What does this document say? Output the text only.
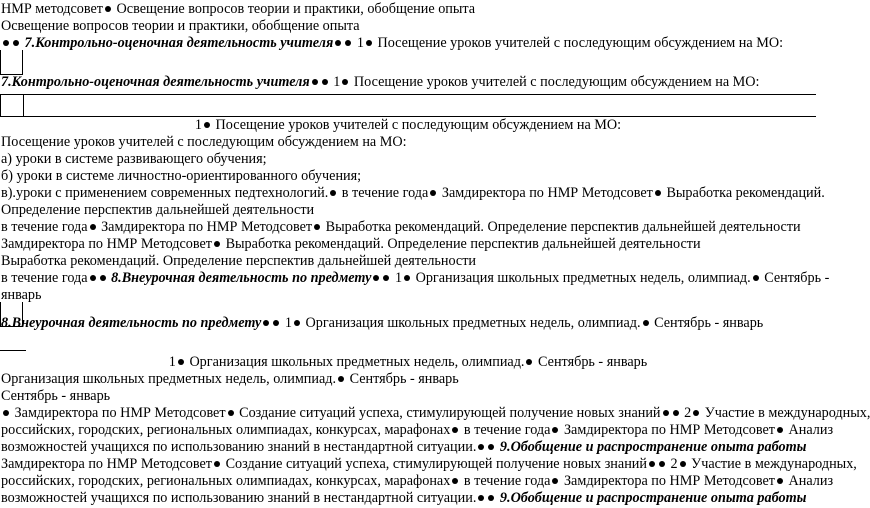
НМР методсовет Освещение вопросов теории и практики, обобщение опыта
Освещение вопросов теории и практики, обобщение опыта
7.Контрольно-оценочная деятельность учителя 1 Посещение уроков учителей с последующим обсуждением на МО:
7.Контрольно-оценочная деятельность учителя 1 Посещение уроков учителей с последующим обсуждением на МО:
1 Посещение уроков учителей с последующим обсуждением на МО:
Посещение уроков учителей с последующим обсуждением на МО:
а) уроки в системе развивающего обучения;
б) уроки в системе личностно-ориентированного обучения;
в).уроки с применением современных педтехнологий. в течение года Замдиректора по НМР Методсовет Выработка рекомендаций.
Определение перспектив дальнейшей деятельности
в течение года Замдиректора по НМР Методсовет Выработка рекомендаций. Определение перспектив дальнейшей деятельности
Замдиректора по НМР Методсовет Выработка рекомендаций. Определение перспектив дальнейшей деятельности
Выработка рекомендаций. Определение перспектив дальнейшей деятельности
в течение года 8.Внеурочная деятельность по предмету 1 Организация школьных предметных недель, олимпиад. Сентябрь -
январь
8.Внеурочная деятельность по предмету 1 Организация школьных предметных недель, олимпиад. Сентябрь - январь
1 Организация школьных предметных недель, олимпиад. Сентябрь - январь
Организация школьных предметных недель, олимпиад. Сентябрь - январь
Сентябрь - январь
Замдиректора по НМР Методсовет Создание ситуаций успеха, стимулирующей получение новых знаний 2 Участие в международных,
российских, городских, региональных олимпиадах, конкурсах, марафонах в течение года Замдиректора по НМР Методсовет Анализ
возможностей учащихся по использованию знаний в нестандартной ситуации. 9.Обобщение и распространение опыта работы
Замдиректора по НМР Методсовет Создание ситуаций успеха, стимулирующей получение новых знаний 2 Участие в международных,
российских, городских, региональных олимпиадах, конкурсах, марафонах в течение года Замдиректора по НМР Методсовет Анализ
возможностей учащихся по использованию знаний в нестандартной ситуации. 9.Обобщение и распространение опыта работы
